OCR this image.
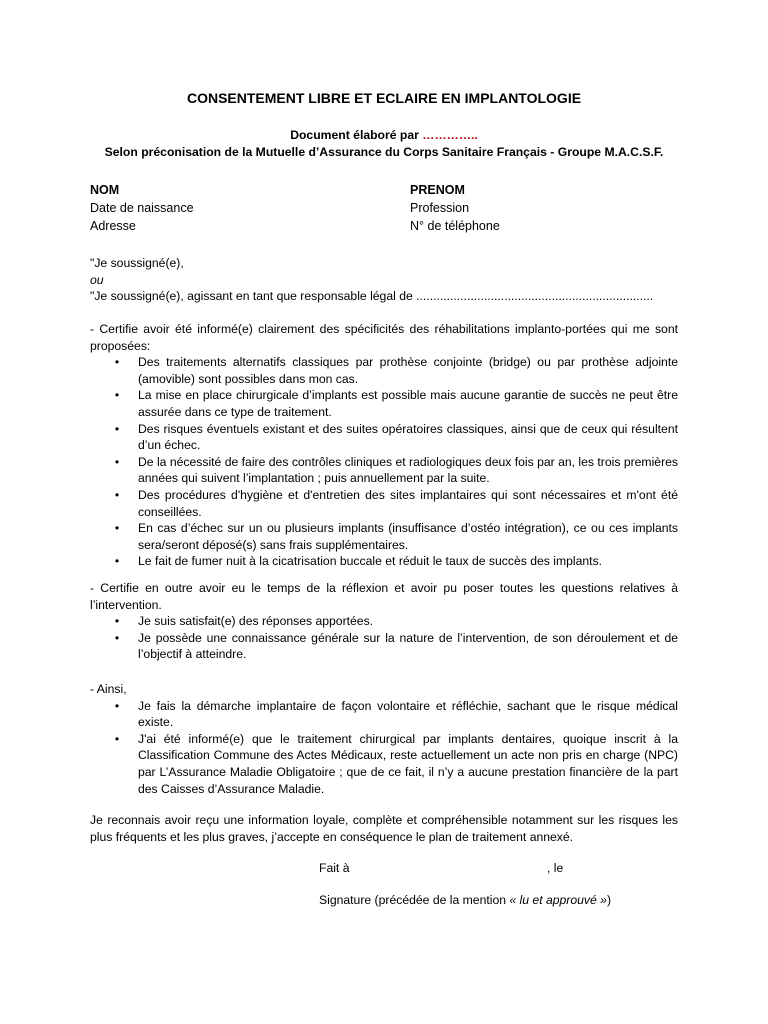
CONSENTEMENT LIBRE ET ECLAIRE EN IMPLANTOLOGIE
Document élaboré par …………..
Selon préconisation de la Mutuelle d’Assurance du Corps Sanitaire Français - Groupe M.A.C.S.F.
NOM	PRENOM
Date de naissance	Profession
Adresse	N° de téléphone

"Je soussigné(e),

ou

"Je soussigné(e), agissant en tant que responsable légal de ......................................................................

- Certifie avoir été informé(e) clairement des spécificités des réhabilitations implanto-portées qui me sont proposées:

• Des traitements alternatifs classiques par prothèse conjointe (bridge) ou par prothèse adjointe (amovible) sont possibles dans mon cas.
• La mise en place chirurgicale d’implants est possible mais aucune garantie de succès ne peut être assurée dans ce type de traitement.
• Des risques éventuels existant et des suites opératoires classiques, ainsi que de ceux qui résultent d’un échec.
• De la nécessité de faire des contrôles cliniques et radiologiques deux fois par an, les trois premières années qui suivent l’implantation ; puis annuellement par la suite.
• Des procédures d'hygiène et d'entretien des sites implantaires qui sont nécessaires et m'ont été conseillées.
• En cas d’échec sur un ou plusieurs implants (insuffisance d’ostéo intégration), ce ou ces implants sera/seront déposé(s) sans frais supplémentaires.
• Le fait de fumer nuit à la cicatrisation buccale et réduit le taux de succès des implants.

- Certifie en outre avoir eu le temps de la réflexion et avoir pu poser toutes les questions relatives à l’intervention.

• Je suis satisfait(e) des réponses apportées.
• Je possède une connaissance générale sur la nature de l’intervention, de son déroulement et de l’objectif à atteindre.

- Ainsi,

• Je fais la démarche implantaire de façon volontaire et réfléchie, sachant que le risque médical existe.
• J'ai été informé(e) que le traitement chirurgical par implants dentaires, quoique inscrit à la Classification Commune des Actes Médicaux, reste actuellement un acte non pris en charge (NPC) par L’Assurance Maladie Obligatoire ; que de ce fait, il n’y a aucune prestation financière de la part des Caisses d’Assurance Maladie.

Je reconnais avoir reçu une information loyale, complète et compréhensible notamment sur les risques les plus fréquents et les plus graves, j’accepte en conséquence le plan de traitement annexé.

Fait à	, le
Signature (précédée de la mention « lu et approuvé »)
